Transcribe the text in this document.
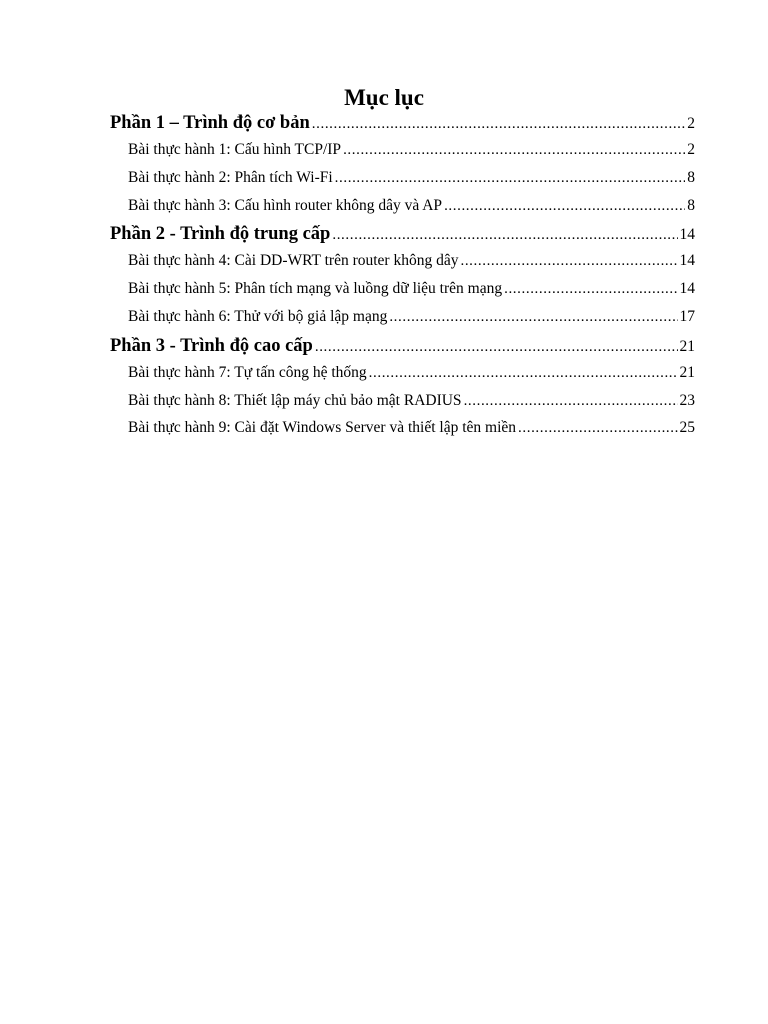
Mục lục
Phần 1 – Trình độ cơ bản .....	2
Bài thực hành 1: Cấu hình TCP/IP .....	2
Bài thực hành 2: Phân tích Wi-Fi .....	8
Bài thực hành 3: Cấu hình router không dây và AP .....	8
Phần 2 - Trình độ trung cấp .....	14
Bài thực hành 4: Cài DD-WRT trên router không dây .....	14
Bài thực hành 5: Phân tích mạng và luồng dữ liệu trên mạng .....	14
Bài thực hành 6: Thử với bộ giả lập mạng .....	17
Phần 3 - Trình độ cao cấp .....	21
Bài thực hành 7: Tự tấn công hệ thống .....	21
Bài thực hành 8: Thiết lập máy chủ bảo mật RADIUS .....	23
Bài thực hành 9: Cài đặt Windows Server và thiết lập tên miền .....	25
